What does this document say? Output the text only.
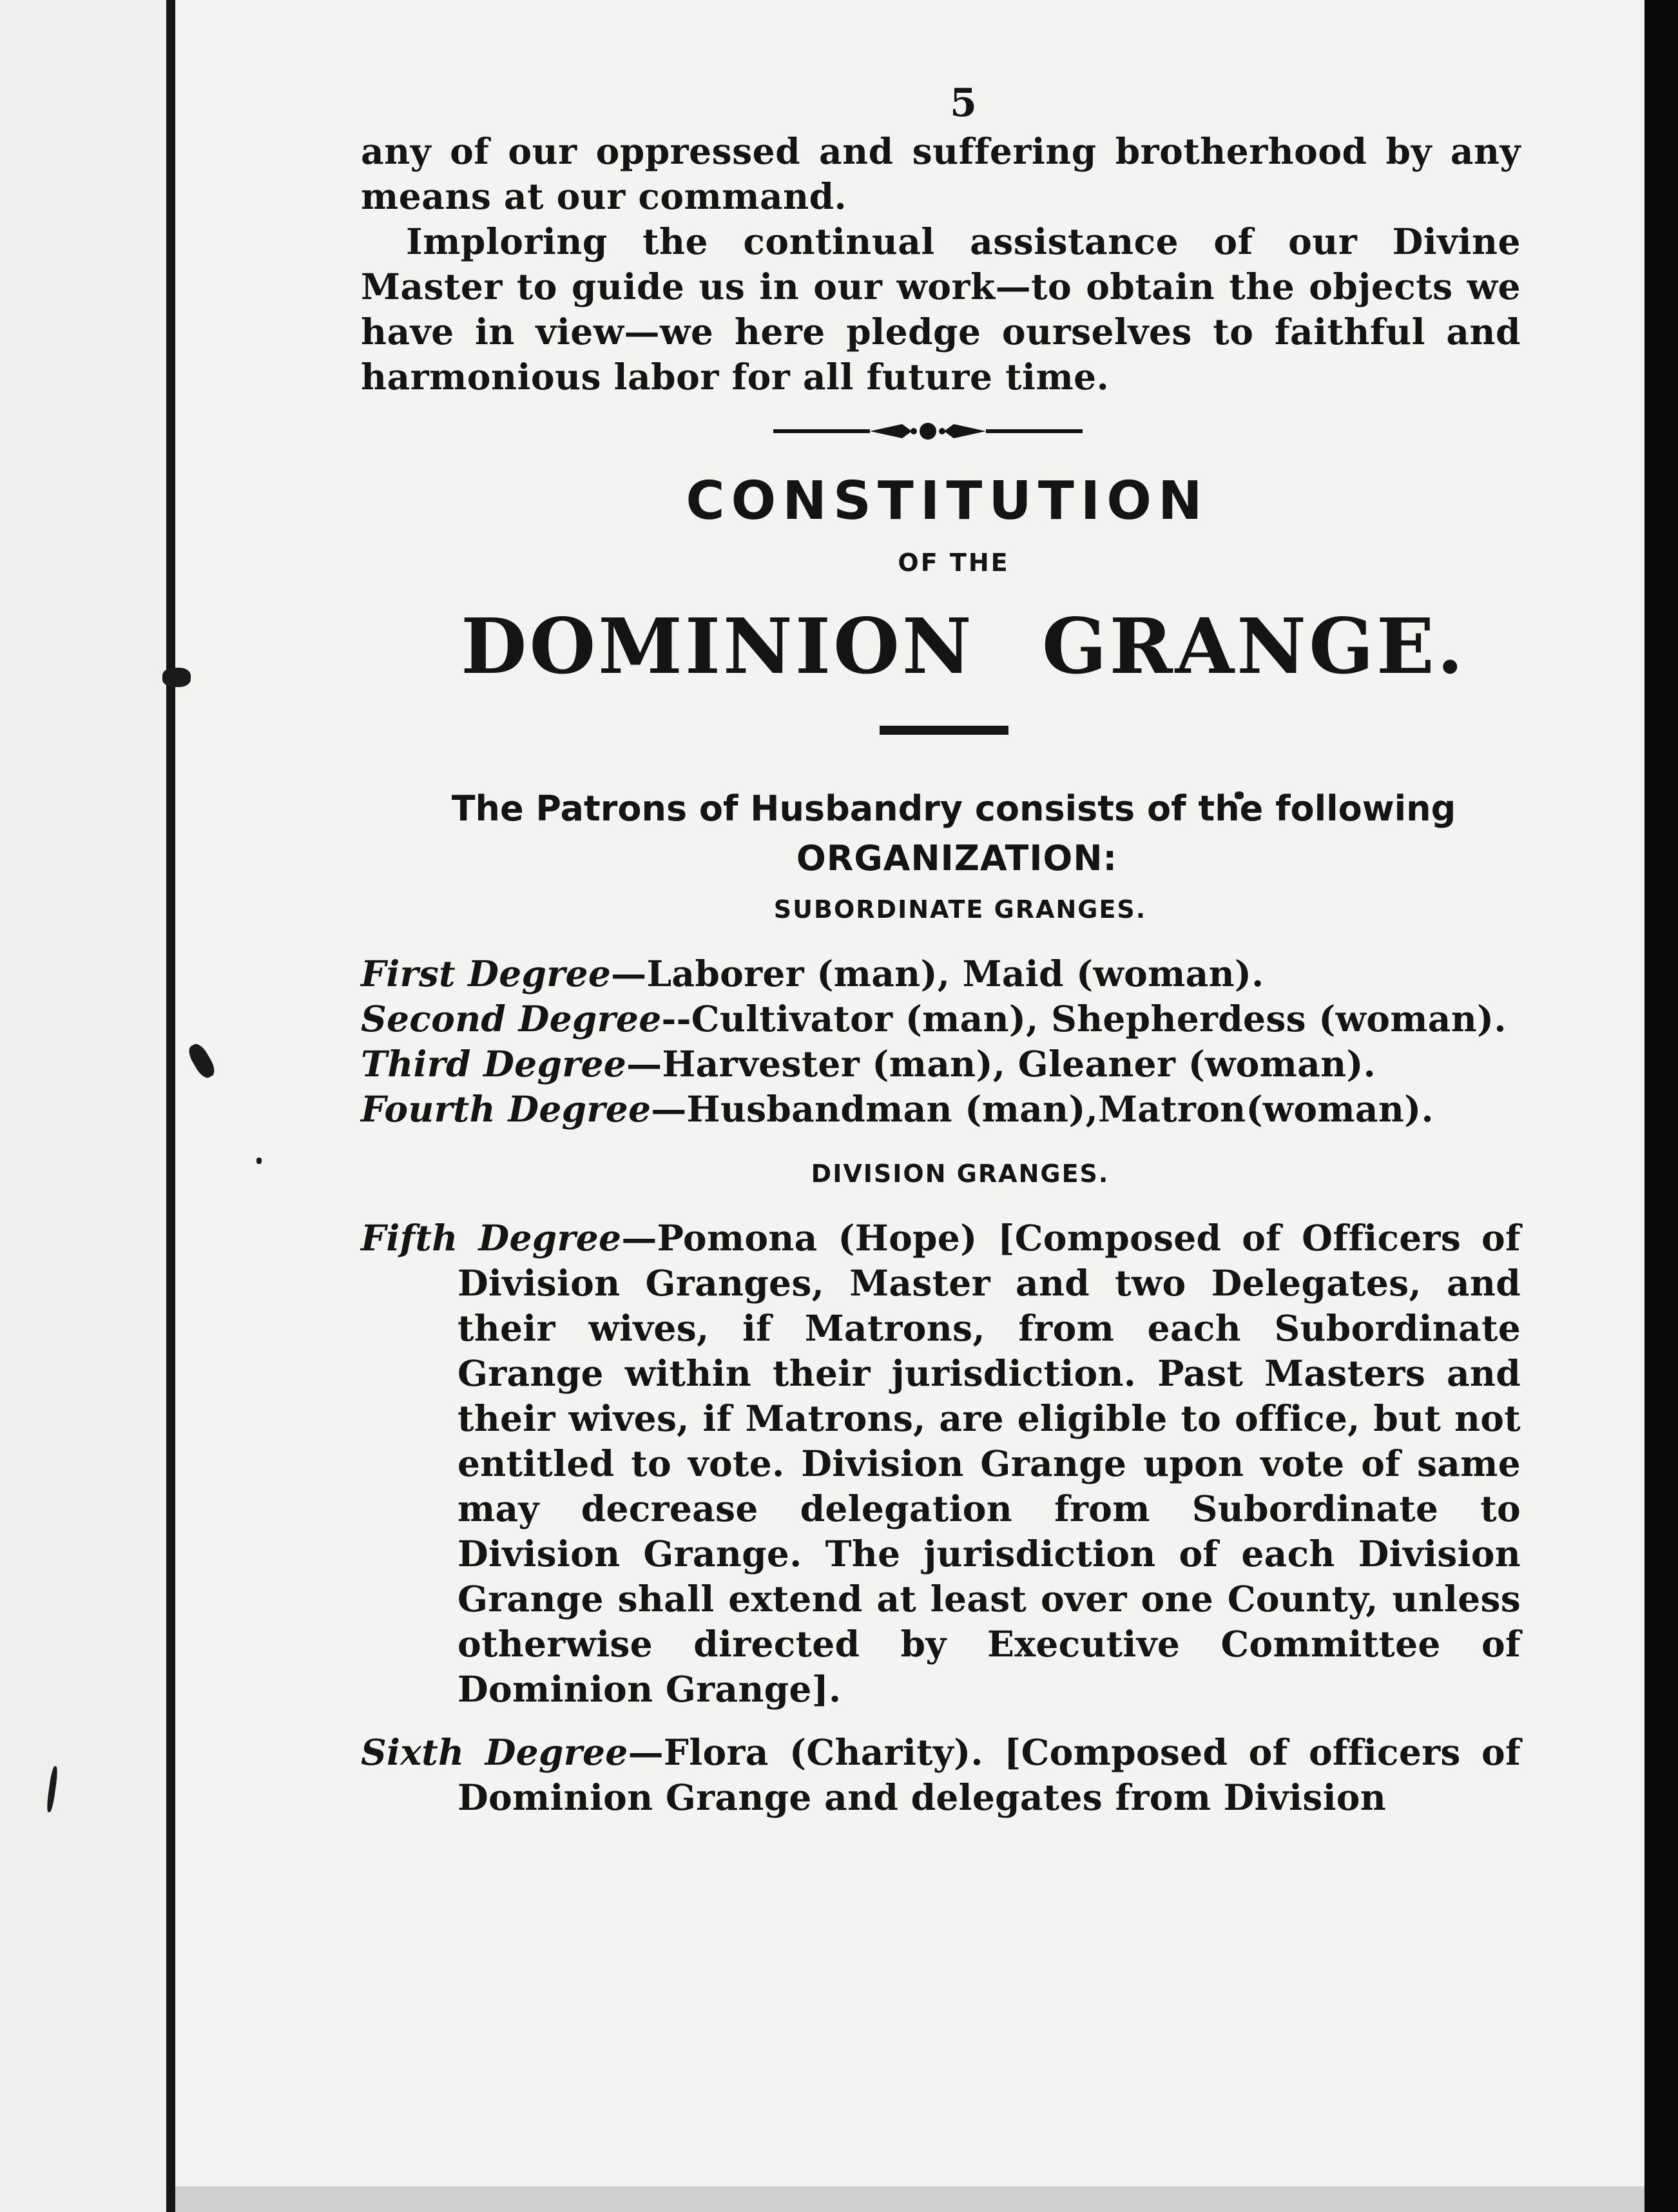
5

any of our oppressed and suffering brotherhood by any means at our command.

Imploring the continual assistance of our Divine Master to guide us in our work—to obtain the objects we have in view—we here pledge ourselves to faithful and harmonious labor for all future time.

CONSTITUTION
OF THE
DOMINION GRANGE.
The Patrons of Husbandry consists of the following
ORGANIZATION:
SUBORDINATE GRANGES.

First Degree—Laborer (man), Maid (woman).

Second Degree--Cultivator (man), Shepherdess (woman).

Third Degree—Harvester (man), Gleaner (woman).

Fourth Degree—Husbandman (man),Matron(woman).

DIVISION GRANGES.

Fifth Degree—Pomona (Hope) [Composed of Officers of Division Granges, Master and two Delegates, and their wives, if Matrons, from each Subordinate Grange within their jurisdiction. Past Masters and their wives, if Matrons, are eligible to office, but not entitled to vote. Division Grange upon vote of same may decrease delegation from Subordinate to Division Grange. The jurisdiction of each Division Grange shall extend at least over one County, unless otherwise directed by Executive Committee of Dominion Grange].

Sixth Degree—Flora (Charity). [Composed of officers of Dominion Grange and delegates from Division
